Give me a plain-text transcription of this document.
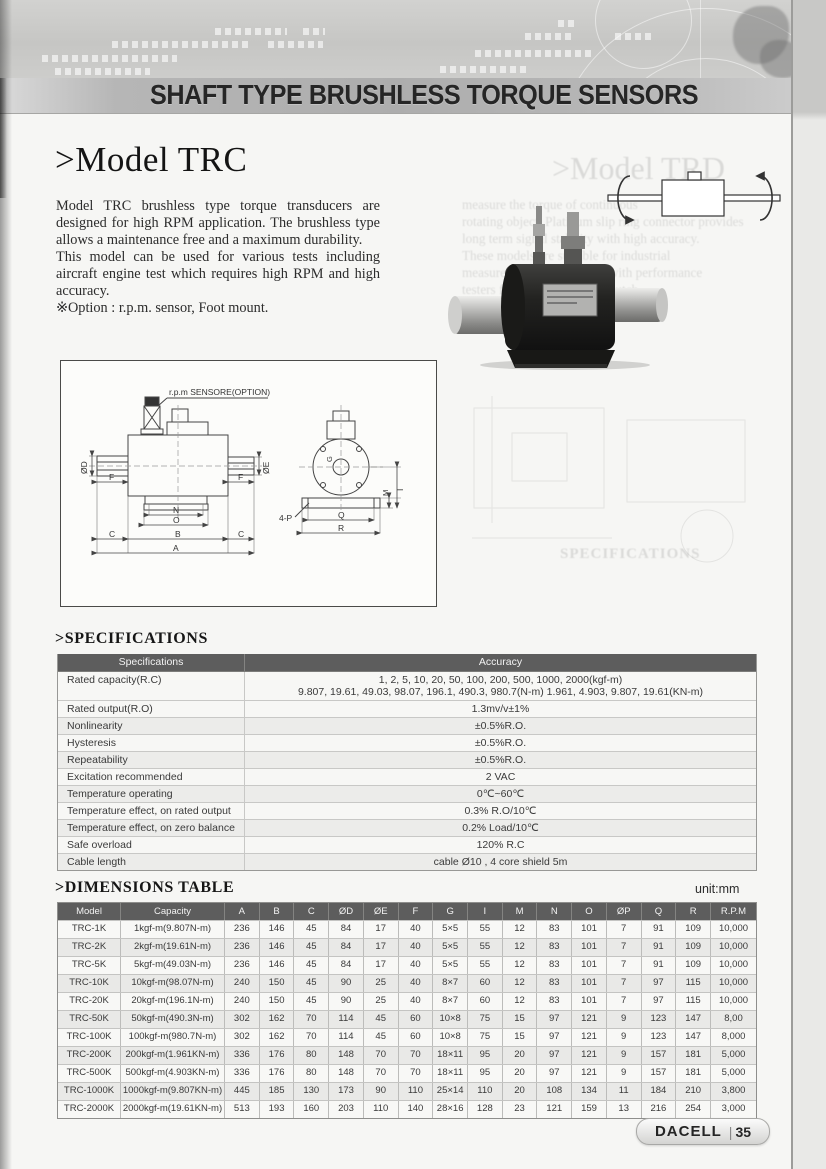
SHAFT TYPE BRUSHLESS TORQUE SENSORS
>Model TRD
measure the torque of continuous
rotating object. Platinum slip ring connector provides
long term signal with high accuracy.
These models are for industrial
measurement. with performance
testers
SPECIFICATIONS
>Model TRC

Model TRC brushless type torque transducers are designed for high RPM application. The brushless type allows a maintenance free and a maximum durability.

This model can be used for various tests including aircraft engine test which requires high RPM and high accuracy.

※Option : r.p.m. sensor, Foot mount.

r.p.m SENSORE(OPTION)
ØD	ØE
F	F
N
O
C	B	C
A
G
Q
R
I
M
4-P
>SPECIFICATIONS
Specifications	Accuracy
Rated capacity(R.C)	1, 2, 5, 10, 20, 50, 100, 200, 500, 1000, 2000(kgf-m)
9.807, 19.61, 49.03, 98.07, 196.1, 490.3, 980.7(N-m) 1.961, 4.903, 9.807, 19.61(KN-m)
Rated output(R.O)	1.3mv/v±1%
Nonlinearity	±0.5%R.O.
Hysteresis	±0.5%R.O.
Repeatability	±0.5%R.O.
Excitation recommended	2 VAC
Temperature operating	0℃~60℃
Temperature effect, on rated output	0.3% R.O/10℃
Temperature effect, on zero balance	0.2% Load/10℃
Safe overload	120% R.C
Cable length	cable Ø10 , 4 core shield 5m
>DIMENSIONS TABLE	unit:mm
Model	Capacity	A	B	C	ØD	ØE	F	G	I	M	N	O	ØP	Q	R	R.P.M
TRC-1K	1kgf-m(9.807N-m)	236	146	45	84	17	40	5×5	55	12	83	101	7	91	109	10,000
TRC-2K	2kgf-m(19.61N-m)	236	146	45	84	17	40	5×5	55	12	83	101	7	91	109	10,000
TRC-5K	5kgf-m(49.03N-m)	236	146	45	84	17	40	5×5	55	12	83	101	7	91	109	10,000
TRC-10K	10kgf-m(98.07N-m)	240	150	45	90	25	40	8×7	60	12	83	101	7	97	115	10,000
TRC-20K	20kgf-m(196.1N-m)	240	150	45	90	25	40	8×7	60	12	83	101	7	97	115	10,000
TRC-50K	50kgf-m(490.3N-m)	302	162	70	114	45	60	10×8	75	15	97	121	9	123	147	8,00
TRC-100K	100kgf-m(980.7N-m)	302	162	70	114	45	60	10×8	75	15	97	121	9	123	147	8,000
TRC-200K	200kgf-m(1.961KN-m)	336	176	80	148	70	70	18×11	95	20	97	121	9	157	181	5,000
TRC-500K	500kgf-m(4.903KN-m)	336	176	80	148	70	70	18×11	95	20	97	121	9	157	181	5,000
TRC-1000K 1000kgf-m(9.807KN-m)	445	185	130	173	90	110	25×14	110	20	108	134	11	184	210	3,800
TRC-2000K 2000kgf-m(19.61KN-m)	513	193	160	203	110	140	28×16	128	23	121	159	13	216	254	3,000
DACELL | 35
